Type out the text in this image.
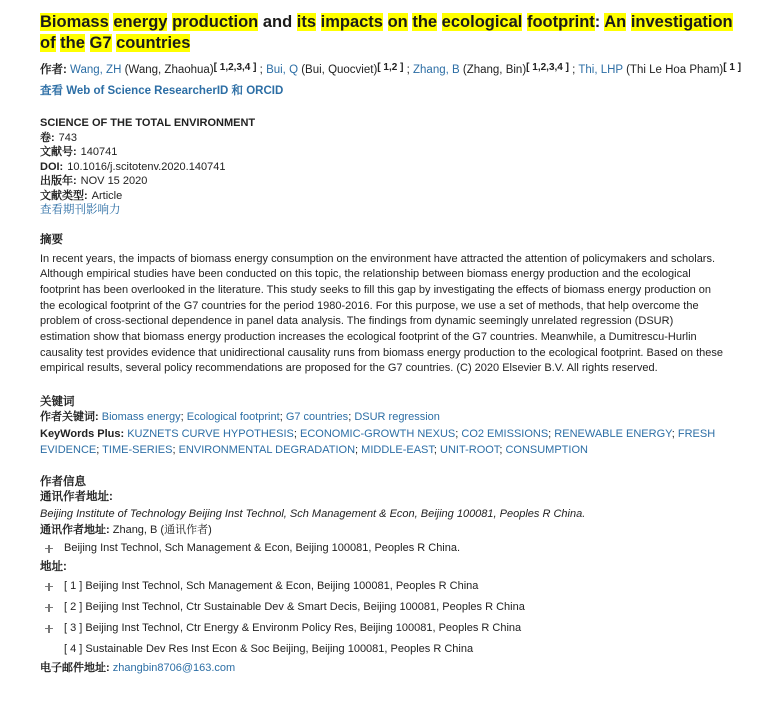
Biomass energy production and its impacts on the ecological footprint: An investigation of the G7 countries
作者: Wang, ZH (Wang, Zhaohua)[ 1,2,3,4 ] ; Bui, Q (Bui, Quocviet)[ 1,2 ] ; Zhang, B (Zhang, Bin)[ 1,2,3,4 ] ; Thi, LHP (Thi Le Hoa Pham)[ 1 ]
查看 Web of Science ResearcherID 和 ORCID
SCIENCE OF THE TOTAL ENVIRONMENT
卷: 743
文献号: 140741
DOI: 10.1016/j.scitotenv.2020.140741
出版年: NOV 15 2020
文献类型: Article
查看期刊影响力
摘要
In recent years, the impacts of biomass energy consumption on the environment have attracted the attention of policymakers and scholars. Although empirical studies have been conducted on this topic, the relationship between biomass energy production and the ecological footprint has been overlooked in the literature. This study seeks to fill this gap by investigating the effects of biomass energy production on the ecological footprint of the G7 countries for the period 1980-2016. For this purpose, we use a set of methods, that help overcome the problem of cross-sectional dependence in panel data analysis. The findings from dynamic seemingly unrelated regression (DSUR) estimation show that biomass energy production increases the ecological footprint of the G7 countries. Meanwhile, a Dumitrescu-Hurlin causality test provides evidence that unidirectional causality runs from biomass energy production to the ecological footprint. Based on these empirical results, several policy recommendations are proposed for the G7 countries. (C) 2020 Elsevier B.V. All rights reserved.
关键词
作者关键词: Biomass energy; Ecological footprint; G7 countries; DSUR regression
KeyWords Plus: KUZNETS CURVE HYPOTHESIS; ECONOMIC-GROWTH NEXUS; CO2 EMISSIONS; RENEWABLE ENERGY; FRESH EVIDENCE; TIME-SERIES; ENVIRONMENTAL DEGRADATION; MIDDLE-EAST; UNIT-ROOT; CONSUMPTION
作者信息
通讯作者地址:
Beijing Institute of Technology Beijing Inst Technol, Sch Management & Econ, Beijing 100081, Peoples R China.
通讯作者地址: Zhang, B (通讯作者)
Beijing Inst Technol, Sch Management & Econ, Beijing 100081, Peoples R China.
地址:
[ 1 ] Beijing Inst Technol, Sch Management & Econ, Beijing 100081, Peoples R China
[ 2 ] Beijing Inst Technol, Ctr Sustainable Dev & Smart Decis, Beijing 100081, Peoples R China
[ 3 ] Beijing Inst Technol, Ctr Energy & Environm Policy Res, Beijing 100081, Peoples R China
[ 4 ] Sustainable Dev Res Inst Econ & Soc Beijing, Beijing 100081, Peoples R China
电子邮件地址: zhangbin8706@163.com
